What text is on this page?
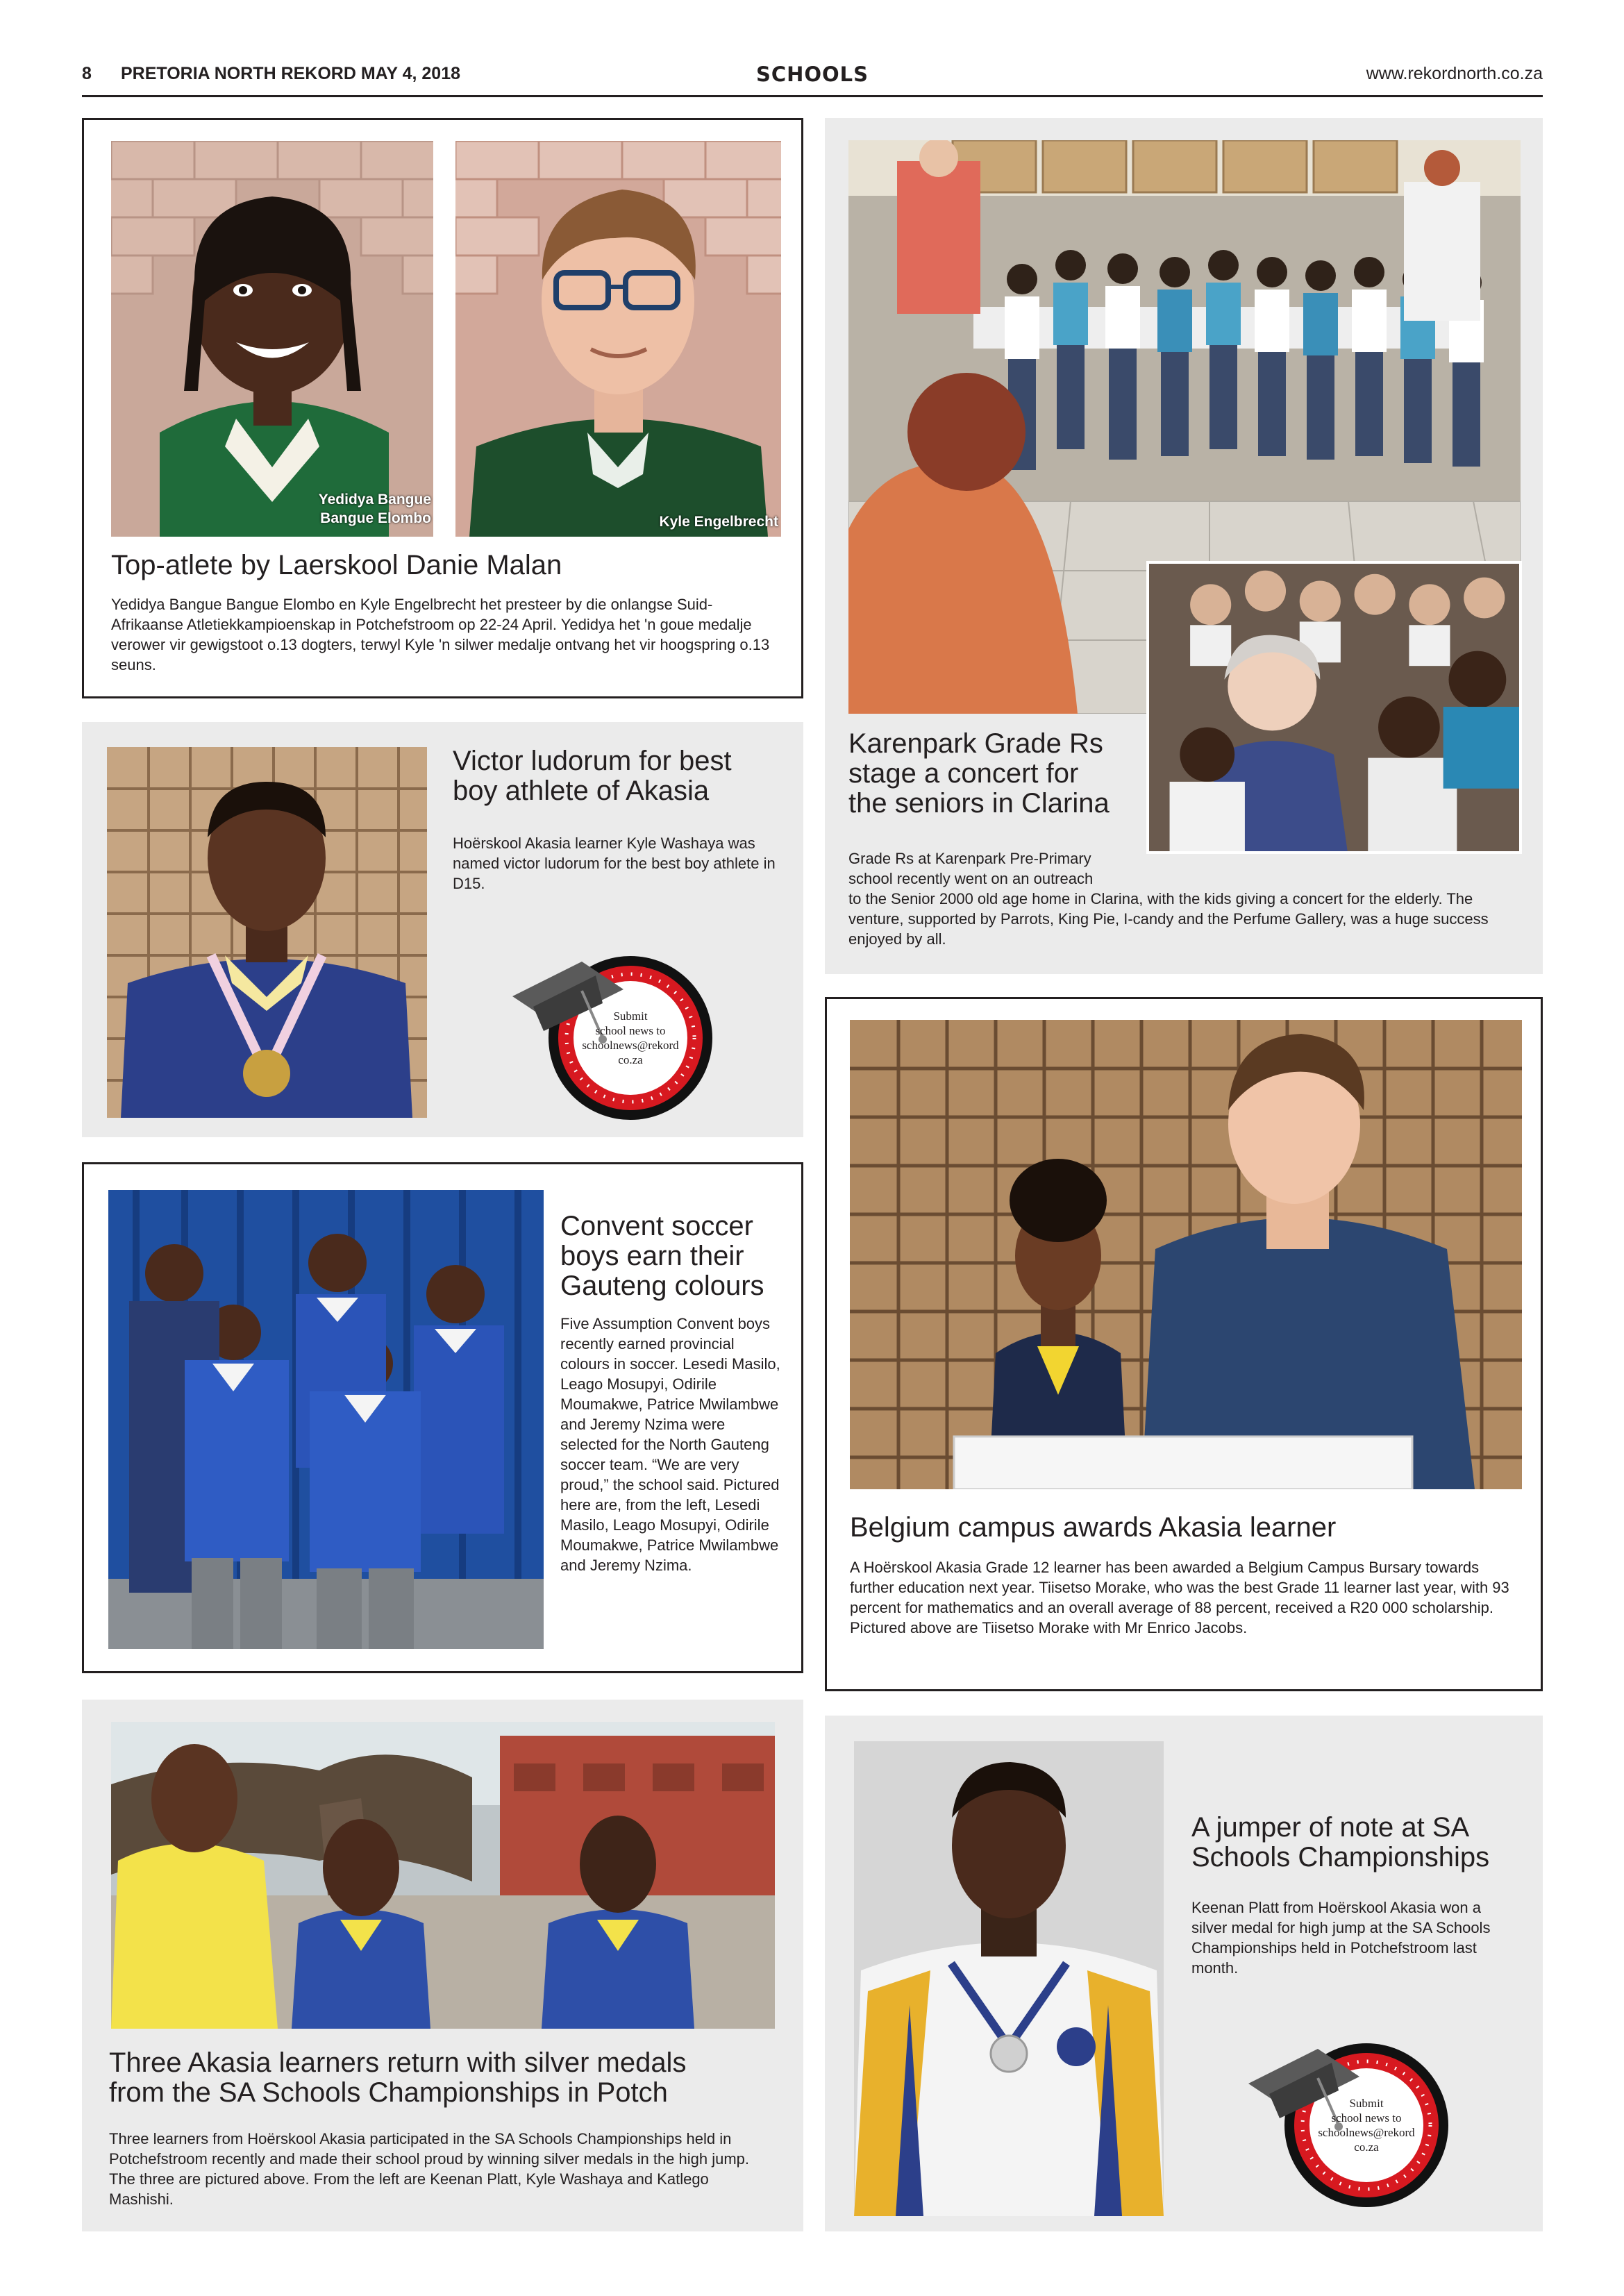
8 PRETORIA NORTH REKORD MAY 4, 2018	SCHOOLS	www.rekordnorth.co.za
Yedidya Bangue
Bangue Elombo	Kyle Engelbrecht
Top-atlete by Laerskool Danie Malan
Yedidya Bangue Bangue Elombo en Kyle Engelbrecht het presteer by die onlangse Suid-Afrikaanse Atletiekkampioenskap in Potchefstroom op 22-24 April. Yedidya het 'n goue medalje verower vir gewigstoot o.13 dogters, terwyl Kyle 'n silwer medalje ontvang het vir hoogspring o.13 seuns.
Karenpark Grade Rs
stage a concert for
the seniors in Clarina
Grade Rs at Karenpark Pre-Primary
school recently went on an outreach
to the Senior 2000 old age home in Clarina, with the kids giving a concert for the elderly. The venture, supported by Parrots, King Pie, I-candy and the Perfume Gallery, was a huge success enjoyed by all.
Victor ludorum for best
boy athlete of Akasia
Hoërskool Akasia learner Kyle Washaya was named victor ludorum for the best boy athlete in D15.
Submit
school news to
schoolnews@rekord
co.za
Convent soccer
boys earn their
Gauteng colours
Five Assumption Convent boys recently earned provincial colours in soccer. Lesedi Masilo, Leago Mosupyi, Odirile Moumakwe, Patrice Mwilambwe and Jeremy Nzima were selected for the North Gauteng soccer team. “We are very proud,” the school said. Pictured here are, from the left, Lesedi Masilo, Leago Mosupyi, Odirile Moumakwe, Patrice Mwilambwe and Jeremy Nzima.
Belgium campus awards Akasia learner
A Hoërskool Akasia Grade 12 learner has been awarded a Belgium Campus Bursary towards further education next year. Tiisetso Morake, who was the best Grade 11 learner last year, with 93 percent for mathematics and an overall average of 88 percent, received a R20 000 scholarship. Pictured above are Tiisetso Morake with Mr Enrico Jacobs.
Three Akasia learners return with silver medals
from the SA Schools Championships in Potch
Three learners from Hoërskool Akasia participated in the SA Schools Championships held in Potchefstroom recently and made their school proud by winning silver medals in the high jump. The three are pictured above. From the left are Keenan Platt, Kyle Washaya and Katlego Mashishi.
A jumper of note at SA
Schools Championships
Keenan Platt from Hoërskool Akasia won a silver medal for high jump at the SA Schools Championships held in Potchefstroom last month.
Submit
school news to
schoolnews@rekord
co.za
